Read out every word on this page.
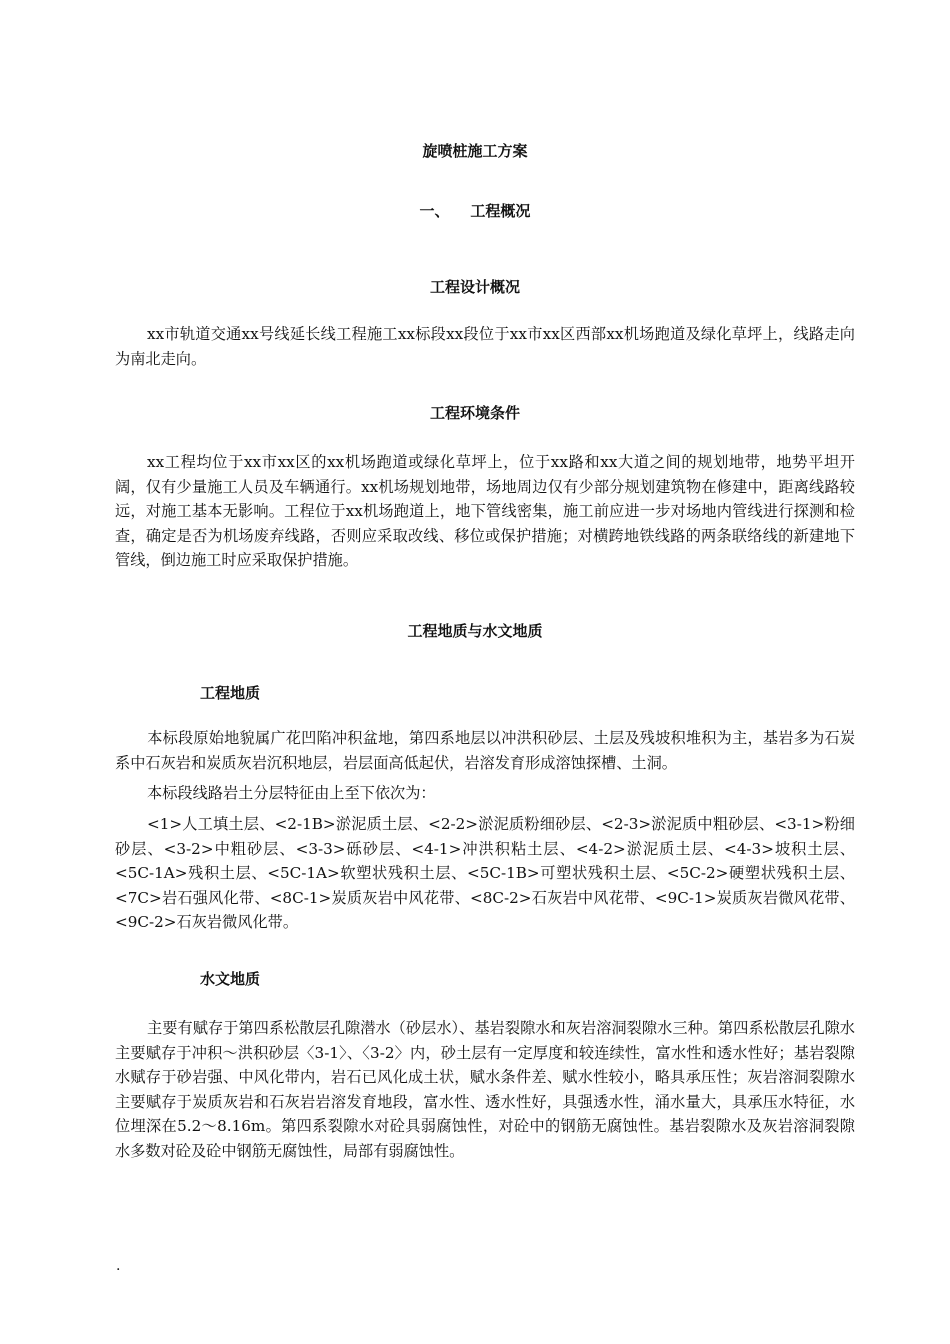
旋喷桩施工方案
一、    工程概况
工程设计概况

xx市轨道交通xx号线延长线工程施工xx标段xx段位于xx市xx区西部xx机场跑道及绿化草坪上，线路走向为南北走向。

工程环境条件

xx工程均位于xx市xx区的xx机场跑道或绿化草坪上，位于xx路和xx大道之间的规划地带，地势平坦开阔，仅有少量施工人员及车辆通行。xx机场规划地带，场地周边仅有少部分规划建筑物在修建中，距离线路较远，对施工基本无影响。工程位于xx机场跑道上，地下管线密集，施工前应进一步对场地内管线进行探测和检查，确定是否为机场废弃线路，否则应采取改线、移位或保护措施；对横跨地铁线路的两条联络线的新建地下管线，倒边施工时应采取保护措施。

工程地质与水文地质
工程地质

本标段原始地貌属广花凹陷冲积盆地，第四系地层以冲洪积砂层、土层及残坡积堆积为主，基岩多为石炭系中石灰岩和炭质灰岩沉积地层，岩层面高低起伏，岩溶发育形成溶蚀探槽、土洞。

本标段线路岩土分层特征由上至下依次为：

<1>人工填土层、<2-1B>淤泥质土层、<2-2>淤泥质粉细砂层、<2-3>淤泥质中粗砂层、<3-1>粉细砂层、<3-2>中粗砂层、<3-3>砾砂层、<4-1>冲洪积粘土层、<4-2>淤泥质土层、<4-3>坡积土层、<5C-1A>残积土层、<5C-1A>软塑状残积土层、<5C-1B>可塑状残积土层、<5C-2>硬塑状残积土层、<7C>岩石强风化带、<8C-1>炭质灰岩中风花带、<8C-2>石灰岩中风花带、<9C-1>炭质灰岩微风花带、<9C-2>石灰岩微风化带。

水文地质

主要有赋存于第四系松散层孔隙潜水（砂层水）、基岩裂隙水和灰岩溶洞裂隙水三种。第四系松散层孔隙水主要赋存于冲积～洪积砂层〈3-1〉、〈3-2〉内，砂土层有一定厚度和较连续性，富水性和透水性好；基岩裂隙水赋存于砂岩强、中风化带内，岩石已风化成土状，赋水条件差、赋水性较小，略具承压性；灰岩溶洞裂隙水主要赋存于炭质灰岩和石灰岩岩溶发育地段，富水性、透水性好，具强透水性，涌水量大，具承压水特征，水位埋深在5.2～8.16m。第四系裂隙水对砼具弱腐蚀性，对砼中的钢筋无腐蚀性。基岩裂隙水及灰岩溶洞裂隙水多数对砼及砼中钢筋无腐蚀性，局部有弱腐蚀性。

.
